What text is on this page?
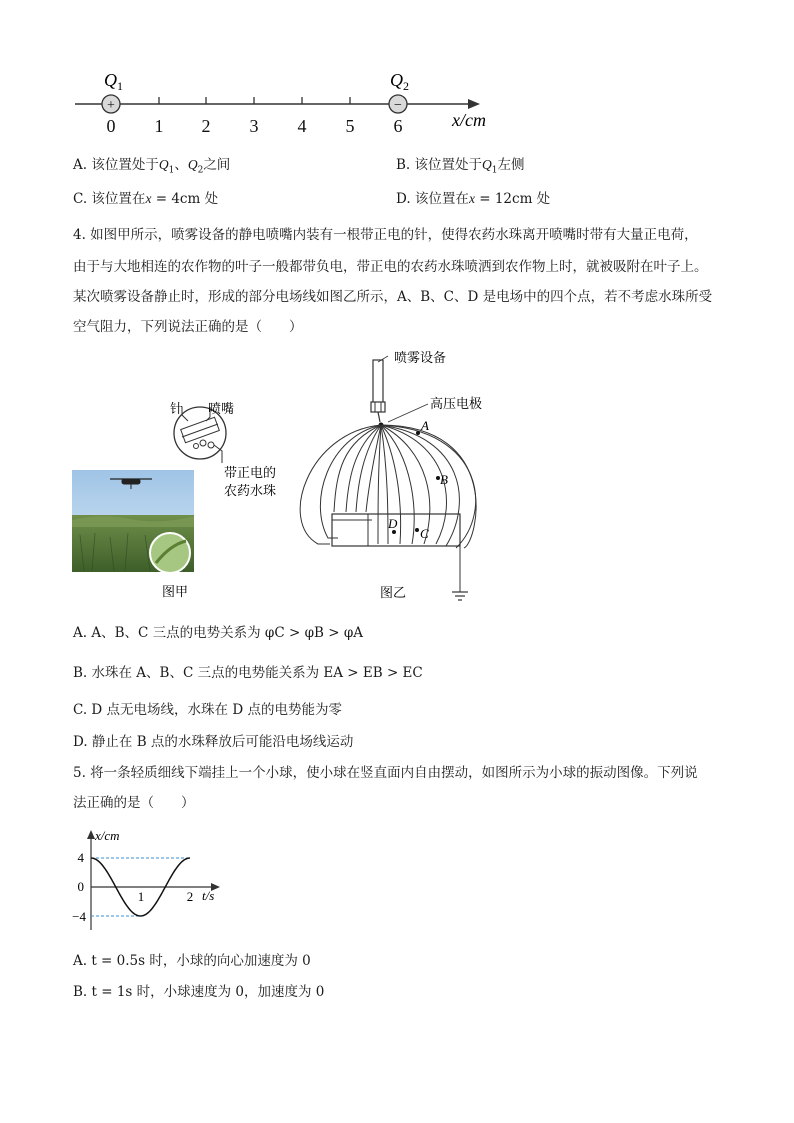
+	−
$Q_1$	$Q_2$
0 1 2 3 4 5 6	x/cm
A. 该位置处于$Q_1$、$Q_2$之间	B. 该位置处于$Q_1$左侧
C. 该位置在x = 4cm 处	D. 该位置在x = 12cm 处
4. 如图甲所示，喷雾设备的静电喷嘴内装有一根带正电的针，使得农药水珠离开喷嘴时带有大量正电荷，
由于与大地相连的农作物的叶子一般都带负电，带正电的农药水珠喷洒到农作物上时，就被吸附在叶子上。
某次喷雾设备静止时，形成的部分电场线如图乙所示，A、B、C、D 是电场中的四个点，若不考虑水珠所受
空气阻力，下列说法正确的是（　　）
针 喷嘴
带正电的
农药水珠
图甲
喷雾设备
高压电极
A
B
C
D
图乙
A. A、B、C 三点的电势关系为 φC > φB > φA
B. 水珠在 A、B、C 三点的电势能关系为 EA > EB > EC
C. D 点无电场线，水珠在 D 点的电势能为零
D. 静止在 B 点的水珠释放后可能沿电场线运动
5. 将一条轻质细线下端挂上一个小球，使小球在竖直面内自由摆动，如图所示为小球的振动图像。下列说
法正确的是（　　）
x/cm
t/s
4
0
−4
1	2
A. t = 0.5s 时，小球的向心加速度为 0
B. t = 1s 时，小球速度为 0，加速度为 0
